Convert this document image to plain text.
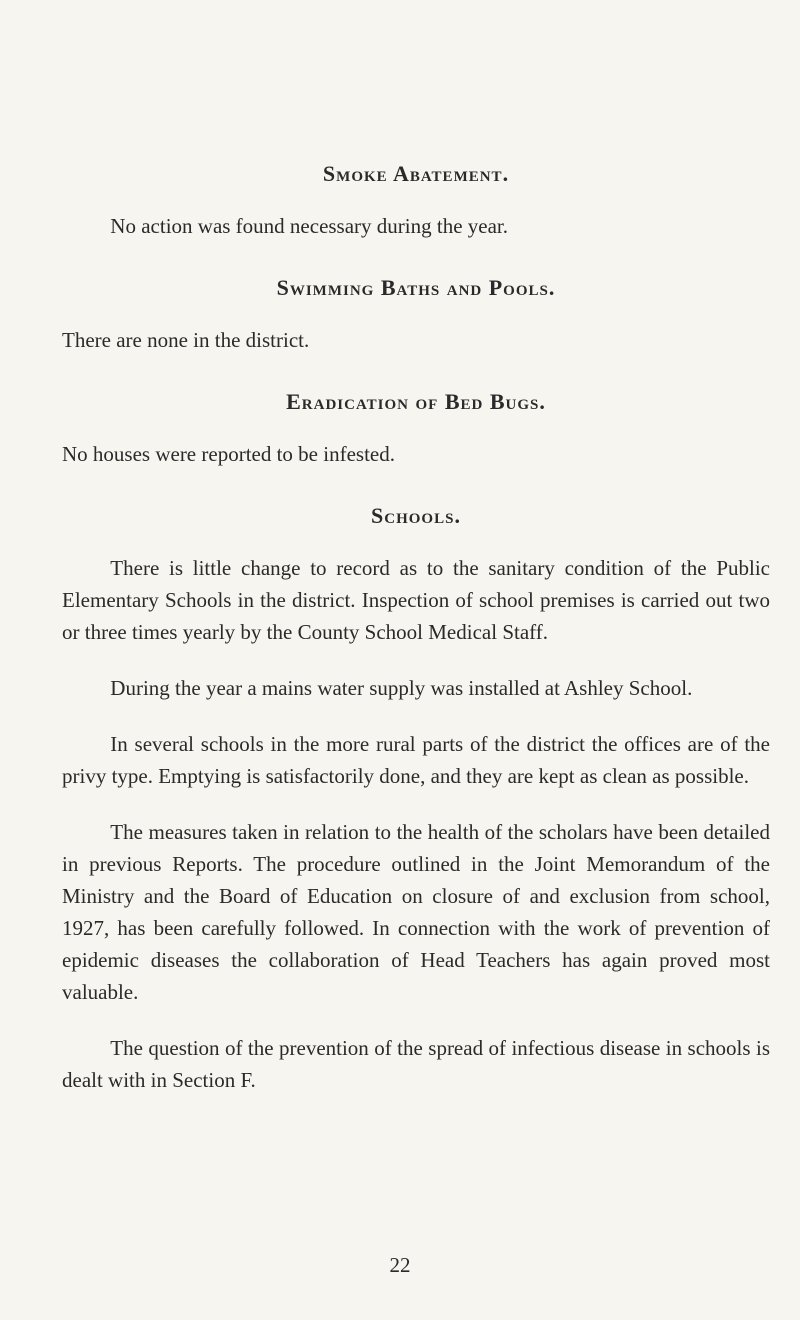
Smoke Abatement.

No action was found necessary during the year.

Swimming Baths and Pools.

There are none in the district.

Eradication of Bed Bugs.

No houses were reported to be infested.

Schools.

There is little change to record as to the sanitary condition of the Public Elementary Schools in the district. Inspection of school premises is carried out two or three times yearly by the County School Medical Staff.

During the year a mains water supply was installed at Ashley School.

In several schools in the more rural parts of the district the offices are of the privy type. Emptying is satisfactorily done, and they are kept as clean as possible.

The measures taken in relation to the health of the scholars have been detailed in previous Reports. The procedure outlined in the Joint Memorandum of the Ministry and the Board of Education on closure of and exclusion from school, 1927, has been carefully followed. In connection with the work of prevention of epidemic diseases the collaboration of Head Teachers has again proved most valuable.

The question of the prevention of the spread of infectious disease in schools is dealt with in Section F.

22
